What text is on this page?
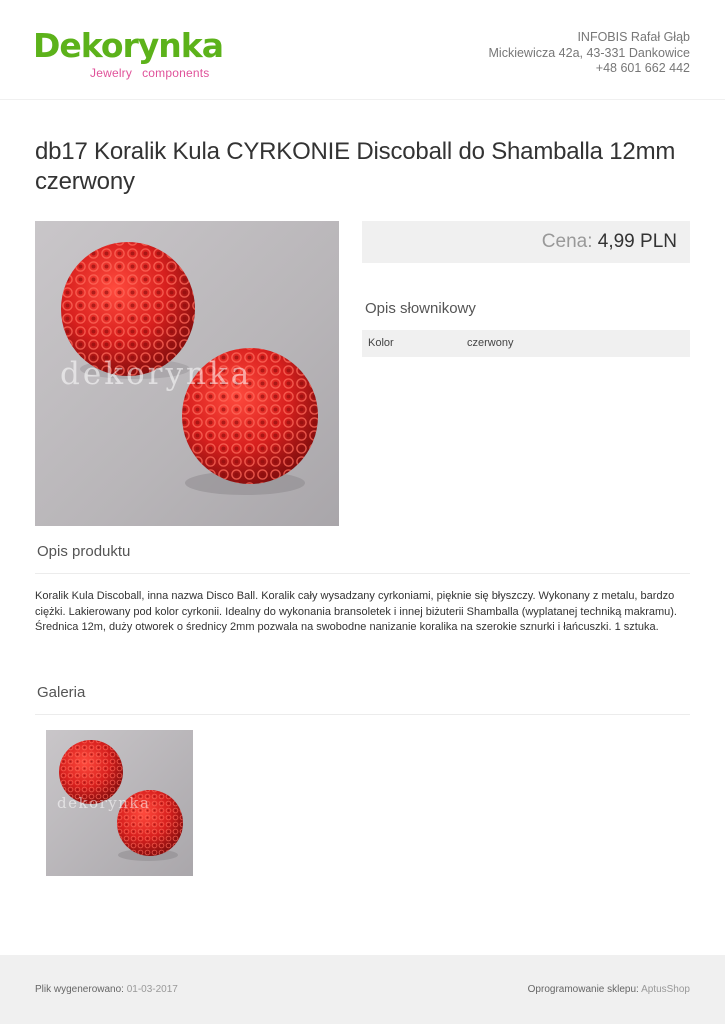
Dekorynka
Jewelry components
INFOBIS Rafał Głąb
Mickiewicza 42a, 43-331 Dankowice
+48 601 662 442
db17 Koralik Kula CYRKONIE Discoball do Shamballa 12mm czerwony
dekorynka
Cena: 4,99 PLN
Opis słownikowy
Kolor	czerwony
Opis produktu

Koralik Kula Discoball, inna nazwa Disco Ball. Koralik cały wysadzany cyrkoniami, pięknie się błyszczy. Wykonany z metalu, bardzo ciężki. Lakierowany pod kolor cyrkonii. Idealny do wykonania bransoletek i innej biżuterii Shamballa (wyplatanej techniką makramu). Średnica 12m, duży otworek o średnicy 2mm pozwala na swobodne nanizanie koralika na szerokie sznurki i łańcuszki. 1 sztuka.

Galeria
dekorynka
Plik wygenerowano: 01-03-2017	Oprogramowanie sklepu: AptusShop
